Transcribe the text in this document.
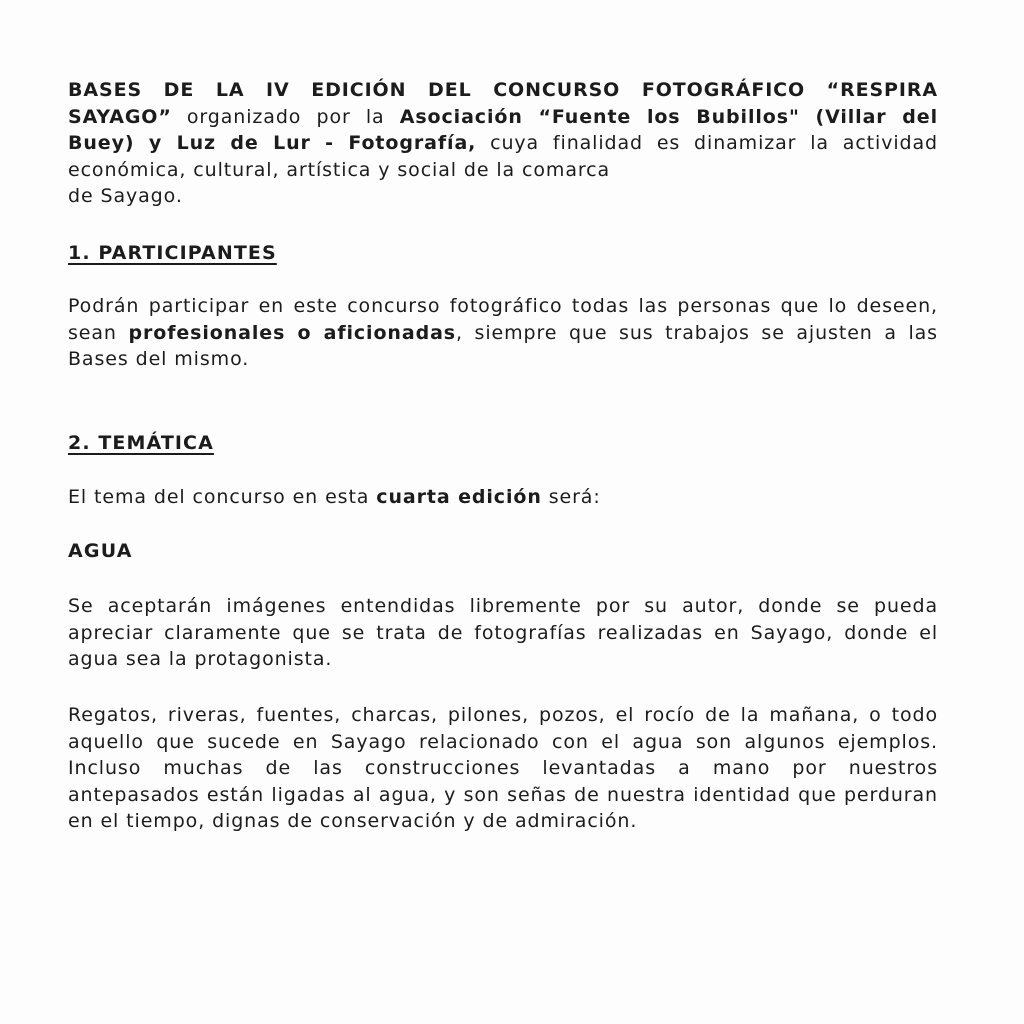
BASES DE LA IV EDICIÓN DEL CONCURSO FOTOGRÁFICO “RESPIRA SAYAGO” organizado por la Asociación “Fuente los Bubillos" (Villar del Buey) y Luz de Lur - Fotografía, cuya finalidad es dinamizar la actividad económica, cultural, artística y social de la comarca
de Sayago.

1. PARTICIPANTES

Podrán participar en este concurso fotográfico todas las personas que lo deseen, sean profesionales o aficionadas, siempre que sus trabajos se ajusten a las Bases del mismo.

2. TEMÁTICA

El tema del concurso en esta cuarta edición será:

AGUA

Se aceptarán imágenes entendidas libremente por su autor, donde se pueda apreciar claramente que se trata de fotografías realizadas en Sayago, donde el agua sea la protagonista.

Regatos, riveras, fuentes, charcas, pilones, pozos, el rocío de la mañana, o todo aquello que sucede en Sayago relacionado con el agua son algunos ejemplos. Incluso muchas de las construcciones levantadas a mano por nuestros antepasados están ligadas al agua, y son señas de nuestra identidad que perduran en el tiempo, dignas de conservación y de admiración.
